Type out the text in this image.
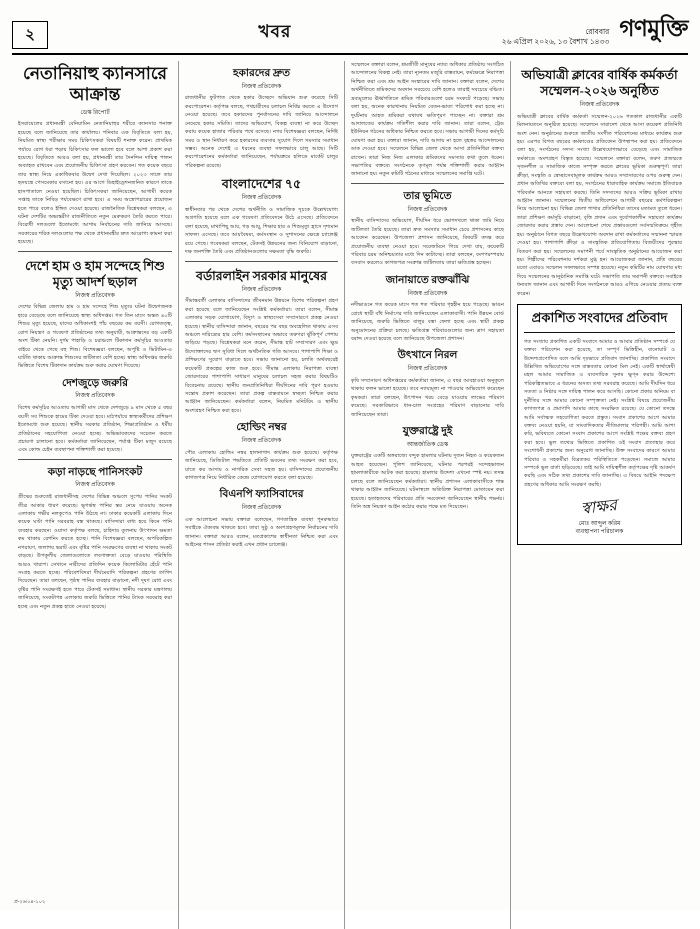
২	খবর	রোববার
২৬ এপ্রিল ২০২৬, ১৩ বৈশাখ ১৪৩৩
গণমুক্তি
নেতানিয়াহু ক্যানসারে আক্রান্ত
ডেস্ক রিপোর্ট
ইসরায়েলের প্রধানমন্ত্রী বেনিয়ামিন নেতানিয়াহুর শরীরে ক্যানসার শনাক্ত হয়েছে বলে জানিয়েছে তার কার্যালয়। শনিবার এক বিবৃতিতে বলা হয়, নিয়মিত স্বাস্থ্য পরীক্ষার সময় চিকিৎসকরা বিষয়টি শনাক্ত করেন। প্রাথমিক পর্যায়ে রোগ ধরা পড়ায় চিকিৎসার ফল ভালো হবে বলে আশা প্রকাশ করা হয়েছে। বিবৃতিতে আরও বলা হয়, প্রধানমন্ত্রী তার দৈনন্দিন দায়িত্ব পালন অব্যাহত রাখবেন এবং প্রয়োজনীয় চিকিৎসা গ্রহণ করবেন। গত কয়েক বছরে তার স্বাস্থ্য নিয়ে একাধিকবার উদ্বেগ দেখা দিয়েছিল। ২০২৩ সালে তার হৃদযন্ত্রে পেসমেকার বসানো হয়। এর আগে ডিহাইড্রেশনজনিত কারণে তাকে হাসপাতালে নেওয়া হয়েছিল। চিকিৎসকরা জানিয়েছেন, আগামী কয়েক সপ্তাহ তাকে নিবিড় পর্যবেক্ষণে রাখা হবে। এ সময় অস্ত্রোপচারের প্রয়োজন হতে পারে বলেও ইঙ্গিত দেওয়া হয়েছে। রাজনৈতিক বিশ্লেষকরা বলছেন, এ ঘটনা দেশটির অভ্যন্তরীণ রাজনীতিতে নতুন মেরুকরণ তৈরি করতে পারে। বিরোধী দলগুলো ইতোমধ্যে আগাম নির্বাচনের দাবি জানিয়ে আসছে। সরকারের শরিক দলগুলোর পক্ষ থেকে প্রধানমন্ত্রীর দ্রুত আরোগ্য কামনা করা হয়েছে।
দেশে হাম ও হাম সন্দেহে শিশু মৃত্যু আদর্শ ছড়াল
নিজস্ব প্রতিবেদক
দেশের বিভিন্ন জেলায় হাম ও হাম সন্দেহে শিশু মৃত্যুর ঘটনা উদ্বেগজনক হারে বেড়েছে বলে জানিয়েছে স্বাস্থ্য অধিদপ্তর। গত তিন মাসে অন্তত ৪০টি শিশুর মৃত্যু হয়েছে, যাদের অধিকাংশই পাঁচ বছরের কম বয়সী। রোগতত্ত্ব, রোগ নিয়ন্ত্রণ ও গবেষণা প্রতিষ্ঠানের তথ্য অনুযায়ী, আক্রান্তদের বড় একটি অংশ টিকা নেয়নি। দুর্গম পাহাড়ি ও চরাঞ্চলে টিকাদান কর্মসূচির আওতার বাইরে থেকে গেছে বহু শিশু। বিশেষজ্ঞরা বলছেন, অপুষ্টি ও ভিটামিন-এ ঘাটতি থাকায় আক্রান্ত শিশুদের জটিলতা বেশি হচ্ছে। স্বাস্থ্য অধিদপ্তর জরুরি ভিত্তিতে বিশেষ টিকাদান কার্যক্রম শুরু করার ঘোষণা দিয়েছে।
দেশজুড়ে জরুরি
নিজস্ব প্রতিবেদক
বিশেষ কর্মসূচির আওতায় আগামী মাস থেকে দেশজুড়ে ৯ মাস থেকে ৫ বছর বয়সী সব শিশুকে হামের টিকা দেওয়া হবে। মাঠপর্যায়ে স্বাস্থ্যকর্মীদের প্রশিক্ষণ ইতোমধ্যে শুরু হয়েছে। স্থানীয় সরকার প্রতিষ্ঠান, শিক্ষাপ্রতিষ্ঠান ও ধর্মীয় প্রতিষ্ঠানের সহযোগিতা নেওয়া হচ্ছে। অভিভাবকদের সচেতন করতে প্রচারণা চালানো হবে। কর্মকর্তারা জানিয়েছেন, পর্যাপ্ত টিকা মজুদ রয়েছে এবং কোল্ড চেইন ব্যবস্থাপনা শক্তিশালী করা হয়েছে।
কড়া নাড়ছে পানিসংকট
নিজস্ব প্রতিবেদক
গ্রীষ্মের শুরুতেই রাজধানীসহ দেশের বিভিন্ন অঞ্চলে সুপেয় পানির সংকট তীব্র আকার ধারণ করেছে। ভূগর্ভস্থ পানির স্তর নেমে যাওয়ায় অনেক এলাকায় গভীর নলকূপেও পানি উঠছে না। ঢাকার কয়েকটি এলাকায় দিনে কয়েক ঘণ্টা পানি সরবরাহ বন্ধ থাকছে। বাসিন্দারা বাধ্য হয়ে কিনে পানি ব্যবহার করছেন। ওয়াসা কর্তৃপক্ষ বলছে, চাহিদার তুলনায় উৎপাদন ক্ষমতা কম থাকায় রেশনিং করতে হচ্ছে। পানি বিশেষজ্ঞরা বলছেন, অপরিকল্পিত নগরায়ণ, জলাশয় ভরাট এবং বৃষ্টির পানি সংরক্ষণের ব্যবস্থা না থাকায় সংকট বাড়ছে। উপকূলীয় জেলাগুলোতে লবণাক্ততা বেড়ে যাওয়ায় পরিস্থিতি আরও খারাপ। সেখানে নারীদের প্রতিদিন কয়েক কিলোমিটার হেঁটে পানি সংগ্রহ করতে হচ্ছে। পরিবেশবিদরা দীর্ঘমেয়াদি পরিকল্পনা গ্রহণের তাগিদ দিয়েছেন। তারা বলছেন, পৃষ্ঠস্থ পানির ব্যবহার বাড়ানো, নদী দূষণ রোধ এবং বৃষ্টির পানি সংরক্ষণই হতে পারে টেকসই সমাধান। স্থানীয় সরকার মন্ত্রণালয় জানিয়েছে, সংকটাপন্ন এলাকায় জরুরি ভিত্তিতে পানির ট্যাংক সরবরাহ করা হচ্ছে এবং নতুন প্রকল্প হাতে নেওয়া হয়েছে।
হকারদের দ্রুত
নিজস্ব প্রতিবেদক
রাজধানীর ফুটপাত থেকে হকার উচ্ছেদে অভিযান শুরু করেছে সিটি করপোরেশন। কর্তৃপক্ষ বলছে, পথচারীদের চলাচল নির্বিঘ্ন করতে এ উদ্যোগ নেওয়া হয়েছে। তবে হকারদের পুনর্বাসনের দাবি জানিয়ে আন্দোলনে নেমেছে হকার সমিতি। তাদের অভিযোগ, বিকল্প ব্যবস্থা না করে উচ্ছেদ করায় কয়েক হাজার পরিবার পথে বসেছে। নগর বিশেষজ্ঞরা বলছেন, নির্দিষ্ট সময় ও স্থান নির্ধারণ করে হকারদের ব্যবসার সুযোগ দিলে সমস্যার সমাধান সম্ভব। অনেক দেশেই এ ধরনের ব্যবস্থা সফলভাবে চালু আছে। সিটি করপোরেশনের কর্মকর্তারা জানিয়েছেন, পর্যায়ক্রমে হলিডে মার্কেট চালুর পরিকল্পনা রয়েছে।
বাংলাদেশের ৭৫
নিজস্ব প্রতিবেদক
স্বাধীনতার পর থেকে দেশের অর্থনীতি ও সামাজিক সূচকে উল্লেখযোগ্য অগ্রগতি হয়েছে বলে এক গবেষণা প্রতিবেদনে উঠে এসেছে। প্রতিবেদনে বলা হয়েছে, মাথাপিছু আয়, গড় আয়ু, শিক্ষার হার ও শিশুমৃত্যু হ্রাসে দৃশ্যমান সাফল্য এসেছে। তবে আয়বৈষম্য, কর্মসংস্থান ও সুশাসনের ক্ষেত্রে চ্যালেঞ্জ রয়ে গেছে। গবেষকরা বলছেন, টেকসই উন্নয়নের জন্য বিনিয়োগ বাড়ানো, দক্ষ জনশক্তি তৈরি এবং প্রতিষ্ঠানগুলোর সক্ষমতা বৃদ্ধি জরুরি।
বর্ডারলাইন সরকার মানুষের
নিজস্ব প্রতিবেদক
সীমান্তবর্তী এলাকার বাসিন্দাদের জীবনমান উন্নয়নে বিশেষ পরিকল্পনা গ্রহণ করা হয়েছে বলে জানিয়েছেন সংশ্লিষ্ট কর্মকর্তারা। তারা বলেন, সীমান্ত এলাকার সড়ক যোগাযোগ, বিদ্যুৎ ও স্বাস্থ্যসেবা সম্প্রসারণে প্রকল্প নেওয়া হয়েছে। স্থানীয় বাসিন্দারা জানান, বছরের পর বছর অবহেলিত থাকায় এসব অঞ্চলে দারিদ্র্যের হার বেশি। কর্মসংস্থানের অভাবে তরুণরা ঝুঁকিপূর্ণ পেশায় জড়িয়ে পড়ছে। বিশ্লেষকরা মনে করেন, সীমান্ত হাট সম্প্রসারণ এবং ক্ষুদ্র উদ্যোক্তাদের ঋণ সুবিধা দিলে অর্থনৈতিক গতি আসবে। পাশাপাশি শিক্ষা ও প্রশিক্ষণের সুযোগ বাড়াতে হবে। সভায় জানানো হয়, চলতি অর্থবছরেই কয়েকটি প্রকল্পের কাজ শুরু হবে। সীমান্ত এলাকায় নিরাপত্তা ব্যবস্থা জোরদারের পাশাপাশি সাধারণ মানুষের চলাচল সহজ করার বিষয়টিও বিবেচনায় রয়েছে। স্থানীয় জনপ্রতিনিধিরা দীর্ঘদিনের দাবি পূরণ হওয়ায় সন্তোষ প্রকাশ করেছেন। তারা প্রকল্প বাস্তবায়নে স্বচ্ছতা নিশ্চিত করার আহ্বান জানিয়েছেন। কর্মকর্তারা বলেন, নিয়মিত মনিটরিং ও স্থানীয় অংশগ্রহণ নিশ্চিত করা হবে।
হোল্ডিং নম্বর
নিজস্ব প্রতিবেদক
পৌর এলাকায় হোল্ডিং নম্বর হালনাগাদ কার্যক্রম শুরু হয়েছে। কর্তৃপক্ষ জানিয়েছে, ডিজিটাল পদ্ধতিতে প্রতিটি ভবনের তথ্য সংরক্ষণ করা হবে, যাতে কর আদায় ও নাগরিক সেবা সহজ হয়। বাসিন্দাদের প্রয়োজনীয় কাগজপত্র নিয়ে নির্ধারিত কেন্দ্রে যোগাযোগ করতে বলা হয়েছে।
বিএনপি ফ্যাসিবাদের
নিজস্ব প্রতিবেদক
এক আলোচনা সভায় বক্তারা বলেছেন, গণতান্ত্রিক ব্যবস্থা পুনরুদ্ধারে সবাইকে ঐক্যবদ্ধ থাকতে হবে। তারা সুষ্ঠু ও অংশগ্রহণমূলক নির্বাচনের দাবি জানান। বক্তারা আরও বলেন, মতপ্রকাশের স্বাধীনতা নিশ্চিত করা এবং আইনের শাসন প্রতিষ্ঠা করাই এখন প্রধান চ্যালেঞ্জ।
সম্মেলনে বক্তারা বলেন, শ্রমজীবী মানুষের ন্যায্য অধিকার প্রতিষ্ঠায় সংগঠিত আন্দোলনের বিকল্প নেই। তারা ন্যূনতম মজুরি বাস্তবায়ন, কর্মক্ষেত্রে নিরাপত্তা নিশ্চিত করা এবং শ্রম আইন সংস্কারের দাবি জানান। বক্তারা বলেন, দেশের অর্থনীতিতে শ্রমিকদের অবদান সবচেয়ে বেশি হলেও তারাই সবচেয়ে বঞ্চিত। দ্রব্যমূল্যের ঊর্ধ্বগতিতে শ্রমিক পরিবারগুলো চরম সংকটে পড়েছে। সভায় বলা হয়, অনেক কারখানায় নিয়মিত বেতন-ভাতা পরিশোধ করা হচ্ছে না। দুর্ঘটনায় আহত শ্রমিকরা যথাযথ ক্ষতিপূরণ পাচ্ছেন না। বক্তারা শ্রম আদালতের কার্যক্রম গতিশীল করার দাবি জানান। তারা বলেন, ট্রেড ইউনিয়ন গঠনের অধিকার নিশ্চিত করতে হবে। সভায় আগামী দিনের কর্মসূচি ঘোষণা করা হয়। বক্তারা জানান, দাবি আদায় না হলে বৃহত্তর আন্দোলনের ডাক দেওয়া হবে। সম্মেলনে বিভিন্ন জেলা থেকে আসা প্রতিনিধিরা বক্তব্য রাখেন। তারা নিজ নিজ এলাকার শ্রমিকদের সমস্যার কথা তুলে ধরেন। সভাপতির বক্তব্যে সংগঠনকে তৃণমূল পর্যন্ত শক্তিশালী করার আহ্বান জানানো হয়। নতুন কমিটি গঠনের মাধ্যমে সম্মেলনের সমাপ্তি ঘটে।
তার ভূমিতে
নিজস্ব প্রতিবেদক
স্থানীয় বাসিন্দাদের অভিযোগ, দীর্ঘদিন ধরে ভোগদখলে থাকা জমি নিয়ে জটিলতা তৈরি হয়েছে। তারা দ্রুত সমস্যার সমাধান চেয়ে প্রশাসনের কাছে আবেদন করেছেন। উপজেলা প্রশাসন জানিয়েছে, বিষয়টি তদন্ত করে প্রয়োজনীয় ব্যবস্থা নেওয়া হবে। সরেজমিনে গিয়ে দেখা যায়, কয়েকটি পরিবার চরম অনিশ্চয়তার মধ্যে দিন কাটাচ্ছে। তারা বলছেন, বংশপরম্পরায় বসবাস করলেও কাগজপত্র সংক্রান্ত জটিলতায় তারা ক্ষতিগ্রস্ত হচ্ছেন।
জানায়াতে রক্তঝাঁঝি
নিজস্ব প্রতিবেদক
নদীভাঙনে গত কয়েক মাসে শত শত পরিবার গৃহহীন হয়ে পড়েছে। ভাঙন রোধে স্থায়ী বাঁধ নির্মাণের দাবি জানিয়েছেন এলাকাবাসী। পানি উন্নয়ন বোর্ড জানিয়েছে, জরুরি ভিত্তিতে বালুর বস্তা ফেলা হচ্ছে এবং স্থায়ী প্রকল্প অনুমোদনের প্রক্রিয়া চলছে। ক্ষতিগ্রস্ত পরিবারগুলোর জন্য ত্রাণ সহায়তা বরাদ্দ দেওয়া হয়েছে বলে জানিয়েছে উপজেলা প্রশাসন।
উৎখানে নিরল
নিজস্ব প্রতিবেদক
কৃষি সম্প্রসারণ অধিদপ্তরের কর্মকর্তারা জানান, এ বছর আবহাওয়া অনুকূলে থাকায় ফলন ভালো হয়েছে। তবে ন্যায্যমূল্য না পাওয়ার অভিযোগ করেছেন কৃষকরা। তারা বলছেন, উৎপাদন খরচ বেড়ে যাওয়ায় লাভের পরিমাণ কমেছে। সরকারিভাবে ধান-চাল সংগ্রহের পরিমাণ বাড়ানোর দাবি জানিয়েছেন তারা।
যুক্তরাষ্ট্রে দুই
আন্তর্জাতিক ডেস্ক
যুক্তরাষ্ট্রের একটি অঙ্গরাজ্যে বন্দুক হামলার ঘটনায় দুজন নিহত ও কয়েকজন আহত হয়েছেন। পুলিশ জানিয়েছে, ঘটনার পরপরই সন্দেহভাজন হামলাকারীকে আটক করা হয়েছে। হামলার উদ্দেশ্য এখনো স্পষ্ট নয়। তদন্ত চলছে বলে জানিয়েছেন কর্মকর্তারা। স্থানীয় প্রশাসন এলাকাবাসীকে শান্ত থাকার আহ্বান জানিয়েছে। ঘটনাস্থলে অতিরিক্ত নিরাপত্তা মোতায়েন করা হয়েছে। হতাহতদের পরিবারের প্রতি সমবেদনা জানিয়েছেন স্থানীয় গভর্নর। তিনি অস্ত্র নিয়ন্ত্রণ আইন কঠোর করার পক্ষে মত দিয়েছেন।
অভিযাত্রী ক্লাবের বার্ষিক কর্মকর্তা সম্মেলন-২০২৬ অনুষ্ঠিত
নিজস্ব প্রতিবেদক
অভিযাত্রী ক্লাবের বার্ষিক কর্মকর্তা সম্মেলন-২০২৬ গতকাল রাজধানীর একটি মিলনায়তনে অনুষ্ঠিত হয়েছে। সম্মেলনে সারাদেশ থেকে আসা কয়েকশ প্রতিনিধি অংশ নেন। অনুষ্ঠানের শুরুতে জাতীয় সংগীত পরিবেশনের মাধ্যমে কার্যক্রম শুরু হয়। এরপর বিগত বছরের কর্মকাণ্ডের প্রতিবেদন উপস্থাপন করা হয়। প্রতিবেদনে বলা হয়, সংগঠনের সদস্য সংখ্যা উল্লেখযোগ্যভাবে বেড়েছে এবং সামাজিক কর্মকাণ্ডে অংশগ্রহণ বিস্তৃত হয়েছে। সম্মেলনে বক্তারা বলেন, তরুণ প্রজন্মকে সৃজনশীল ও সামাজিক কাজে সম্পৃক্ত করতে ক্লাবের ভূমিকা গুরুত্বপূর্ণ। তারা ক্রীড়া, সংস্কৃতি ও স্বেচ্ছাসেবামূলক কার্যক্রম আরও সম্প্রসারণের ওপর গুরুত্ব দেন। প্রধান অতিথির বক্তব্যে বলা হয়, সংগঠনের ধারাবাহিক কার্যক্রম সমাজে ইতিবাচক পরিবর্তন আনতে সহায়তা করছে। তিনি সদস্যদের আরও সক্রিয় ভূমিকা রাখার আহ্বান জানান। সম্মেলনের দ্বিতীয় অধিবেশনে আগামী বছরের কর্মপরিকল্পনা নিয়ে আলোচনা হয়। বিভিন্ন জেলা শাখার প্রতিনিধিরা তাদের মতামত তুলে ধরেন। তারা প্রশিক্ষণ কর্মসূচি বাড়ানো, বৃত্তি প্রদান এবং দুর্যোগকালীন সহায়তা কার্যক্রম জোরদার করার প্রস্তাব দেন। আলোচনা শেষে প্রস্তাবগুলো সর্বসম্মতিক্রমে গৃহীত হয়। অনুষ্ঠানে বিগত বছরে উল্লেখযোগ্য অবদান রাখা কর্মকর্তাদের সম্মাননা স্মারক দেওয়া হয়। পাশাপাশি ক্রীড়া ও সাংস্কৃতিক প্রতিযোগিতায় বিজয়ীদের পুরস্কার বিতরণ করা হয়। সম্মেলনের সমাপনী পর্বে সাংস্কৃতিক অনুষ্ঠানের আয়োজন করা হয়। শিল্পীদের পরিবেশনায় দর্শকরা মুগ্ধ হন। আয়োজকরা জানান, প্রতি বছরের মতো এবারও সম্মেলন সফলভাবে সম্পন্ন হয়েছে। নতুন কমিটির নাম ঘোষণার মধ্য দিয়ে সম্মেলনের আনুষ্ঠানিক সমাপ্তি ঘটে। সভাপতি তার সমাপনী বক্তব্যে সবাইকে ধন্যবাদ জানান এবং আগামী দিনে সংগঠনকে আরও এগিয়ে নেওয়ার প্রত্যয় ব্যক্ত করেন।
প্রকাশিত সংবাদের প্রতিবাদ
গত সংখ্যায় প্রকাশিত একটি সংবাদে আমার ও আমার প্রতিষ্ঠান সম্পর্কে যে বক্তব্য পরিবেশন করা হয়েছে, তা সম্পূর্ণ ভিত্তিহীন, বানোয়াট ও উদ্দেশ্যপ্রণোদিত বলে আমি দৃঢ়ভাবে প্রতিবাদ জানাচ্ছি। প্রকাশিত সংবাদে উল্লিখিত অভিযোগের সঙ্গে বাস্তবতার কোনো মিল নেই। একটি স্বার্থান্বেষী মহল আমার সামাজিক ও ব্যবসায়িক সুনাম ক্ষুণ্ন করার উদ্দেশ্যে পরিকল্পিতভাবে এ ধরনের অসত্য তথ্য সরবরাহ করেছে। আমি দীর্ঘদিন ধরে সততা ও নিষ্ঠার সঙ্গে দায়িত্ব পালন করে আসছি। কোনো প্রকার অনিয়ম বা দুর্নীতির সঙ্গে আমার কোনো সম্পৃক্ততা নেই। সংশ্লিষ্ট বিষয়ে প্রয়োজনীয় কাগজপত্র ও প্রমাণাদি আমার কাছে সংরক্ষিত রয়েছে। যে কোনো তদন্তে আমি সর্বাত্মক সহযোগিতা করতে প্রস্তুত। সংবাদ প্রকাশের আগে আমার বক্তব্য নেওয়া হয়নি, যা সাংবাদিকতার নীতিমালার পরিপন্থী। আমি আশা করি, ভবিষ্যতে কোনো সংবাদ প্রকাশের আগে সংশ্লিষ্ট পক্ষের বক্তব্য গ্রহণ করা হবে। ভুল তথ্যের ভিত্তিতে প্রকাশিত ওই সংবাদ প্রত্যাহার করে সংশোধনী প্রকাশের জন্য অনুরোধ জানাচ্ছি। উক্ত সংবাদের কারণে আমার পরিবার ও সহকর্মীরা বিব্রতকর পরিস্থিতিতে পড়েছেন। সমাজে আমার সম্পর্কে ভুল বার্তা ছড়িয়েছে। তাই আমি দায়িত্বশীল কর্তৃপক্ষের দৃষ্টি আকর্ষণ করছি এবং সঠিক তথ্য প্রকাশের দাবি জানাচ্ছি। এ বিষয়ে আইনি পদক্ষেপ গ্রহণের অধিকার আমি সংরক্ষণ করছি।
স্বাক্ষর
মোঃ আব্দুল করিম
ব্যবস্থাপনা পরিচালক
প্র-২৬/০৪-১০২
